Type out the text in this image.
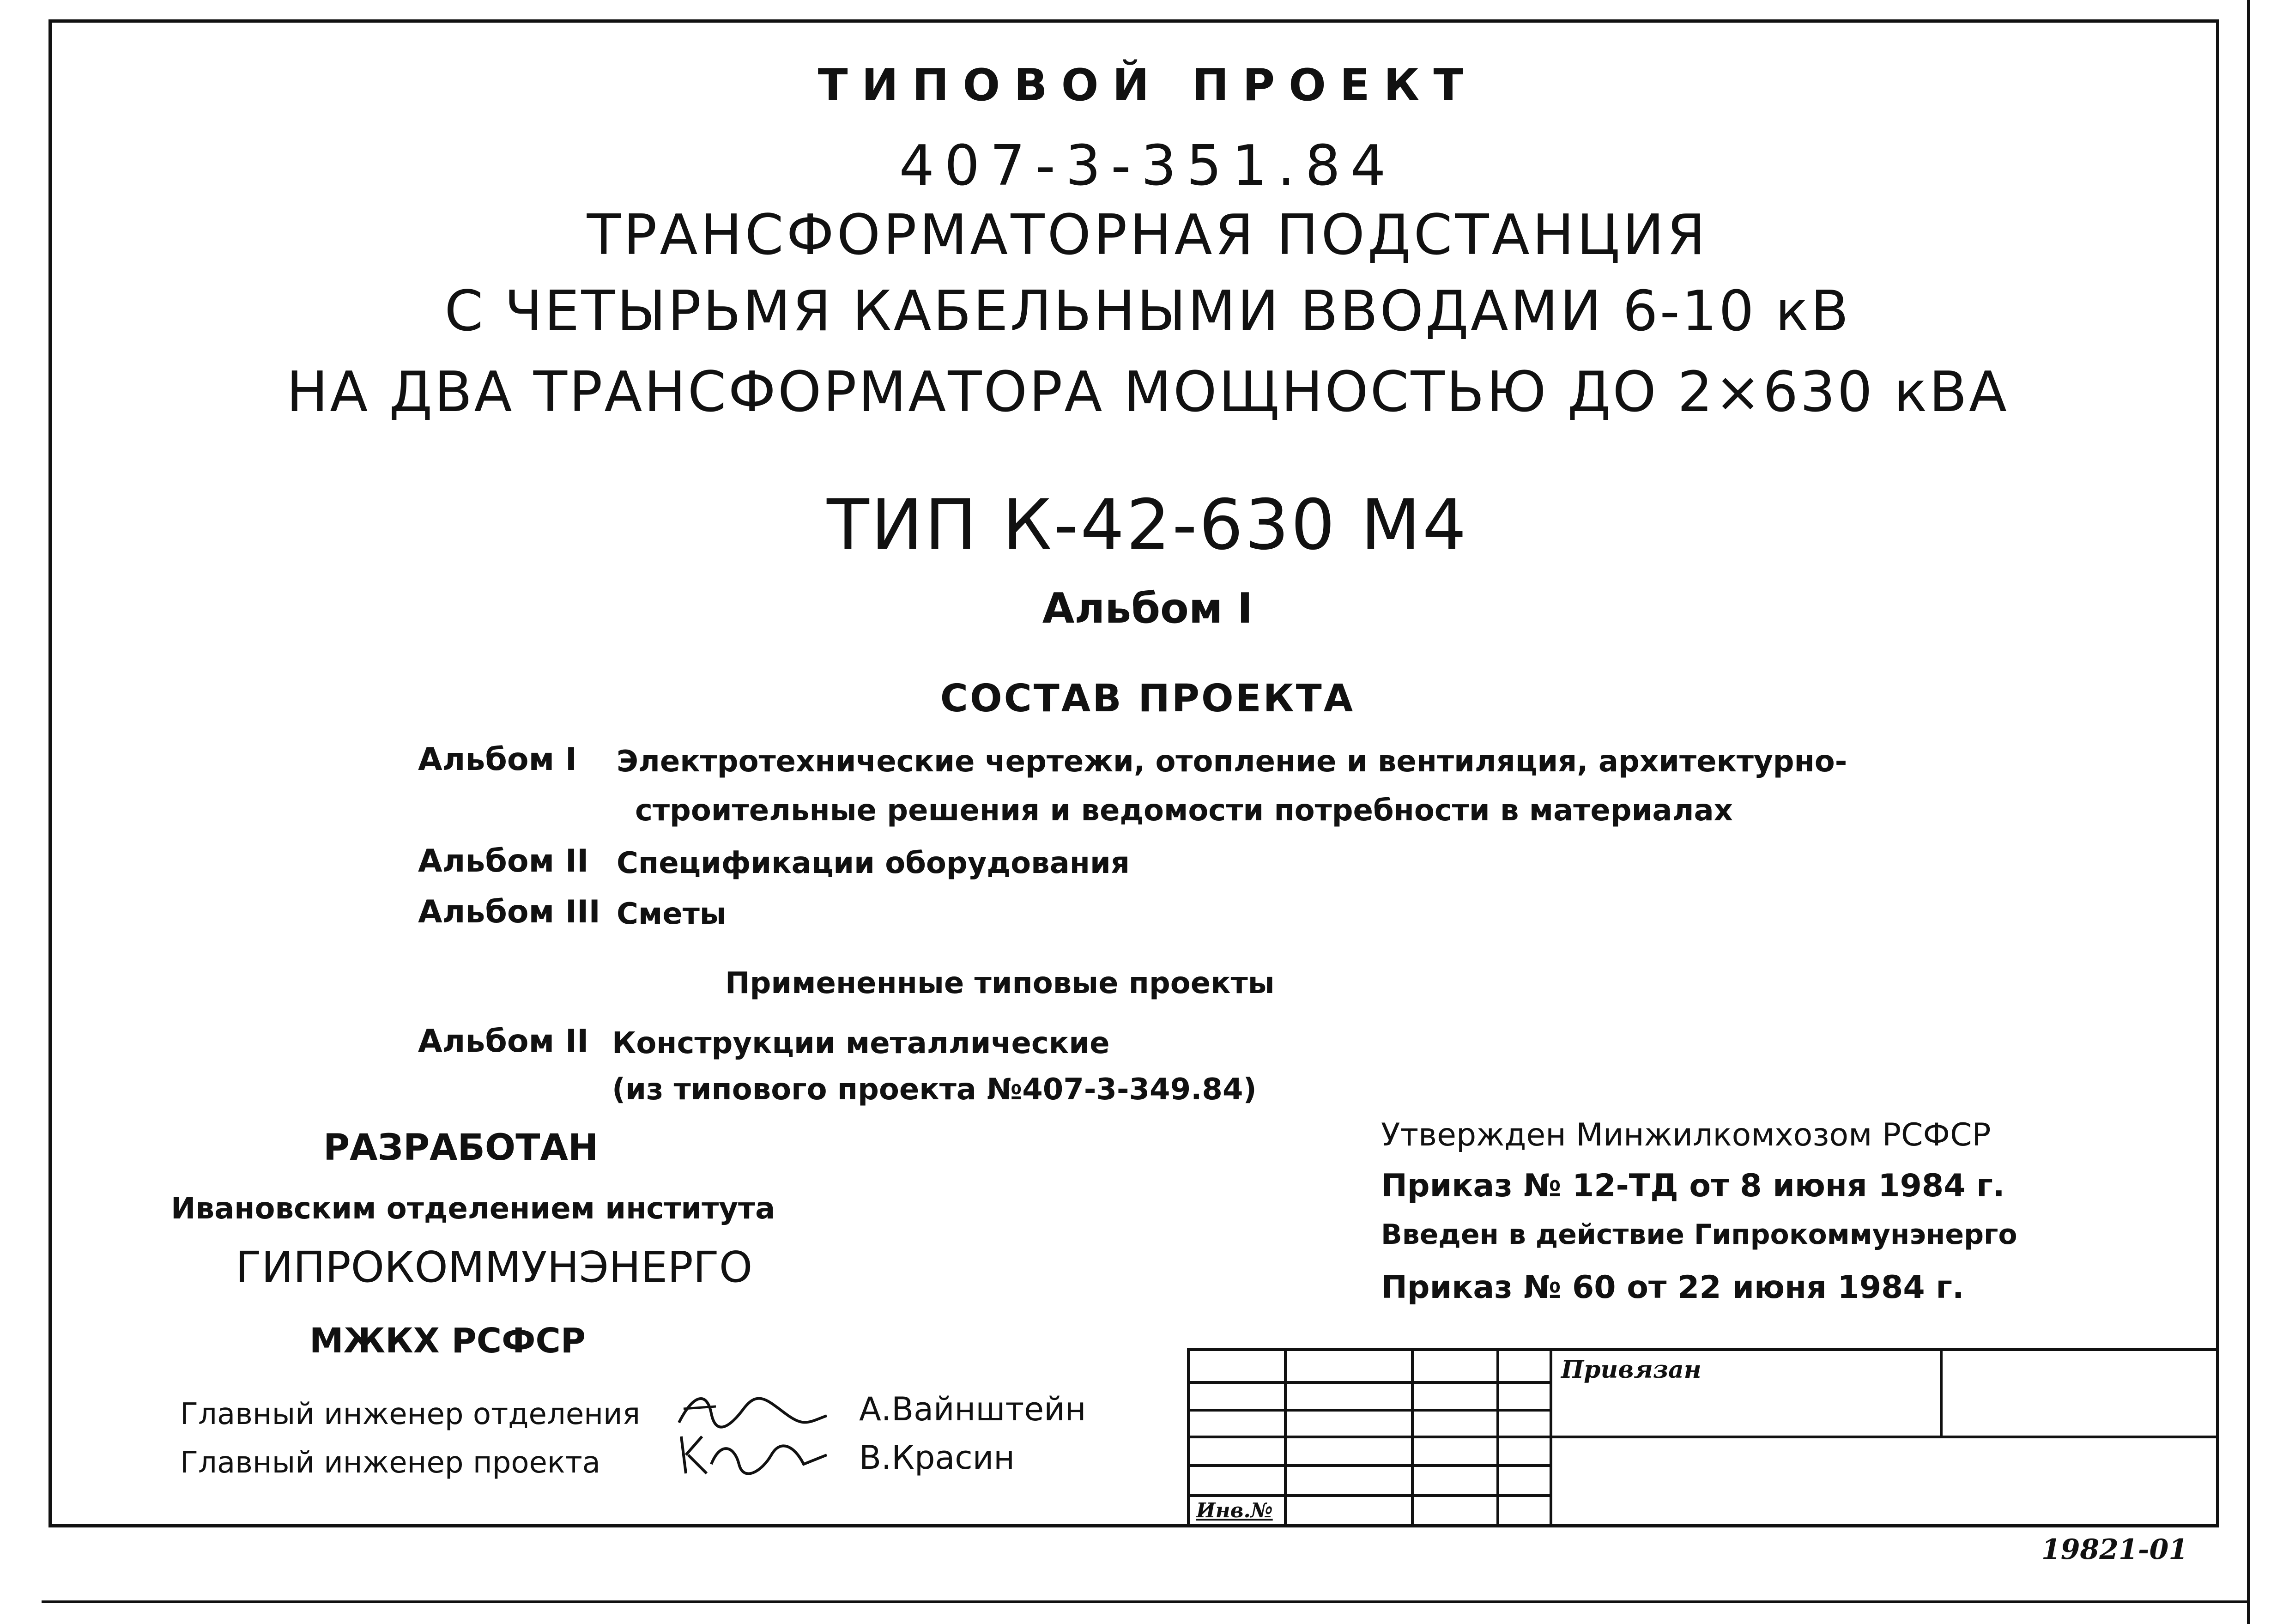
ТИПОВОЙ ПРОЕКТ
407-3-351.84
ТРАНСФОРМАТОРНАЯ ПОДСТАНЦИЯ
С ЧЕТЫРЬМЯ КАБЕЛЬНЫМИ ВВОДАМИ 6-10 кВ
НА ДВА ТРАНСФОРМАТОРА МОЩНОСТЬЮ ДО 2×630 кВА
ТИП К-42-630 М4
Альбом I
СОСТАВ ПРОЕКТА
Альбом I Электротехнические чертежи, отопление и вентиляция, архитектурно-
строительные решения и ведомости потребности в материалах
Альбом II Спецификации оборудования
Альбом III Сметы
Примененные типовые проекты
Альбом II Конструкции металлические
(из типового проекта №407-3-349.84)
РАЗРАБОТАН
Ивановским отделением института
ГИПРОКОММУНЭНЕРГО
МЖКХ РСФСР
Утвержден Минжилкомхозом РСФСР
Приказ № 12-ТД от 8 июня 1984 г.
Введен в действие Гипрокоммунэнерго
Приказ № 60 от 22 июня 1984 г.
Главный инженер отделения	А.Вайнштейн
Главный инженер проекта	В.Красин
Привязан
Инв.№
19821-01
